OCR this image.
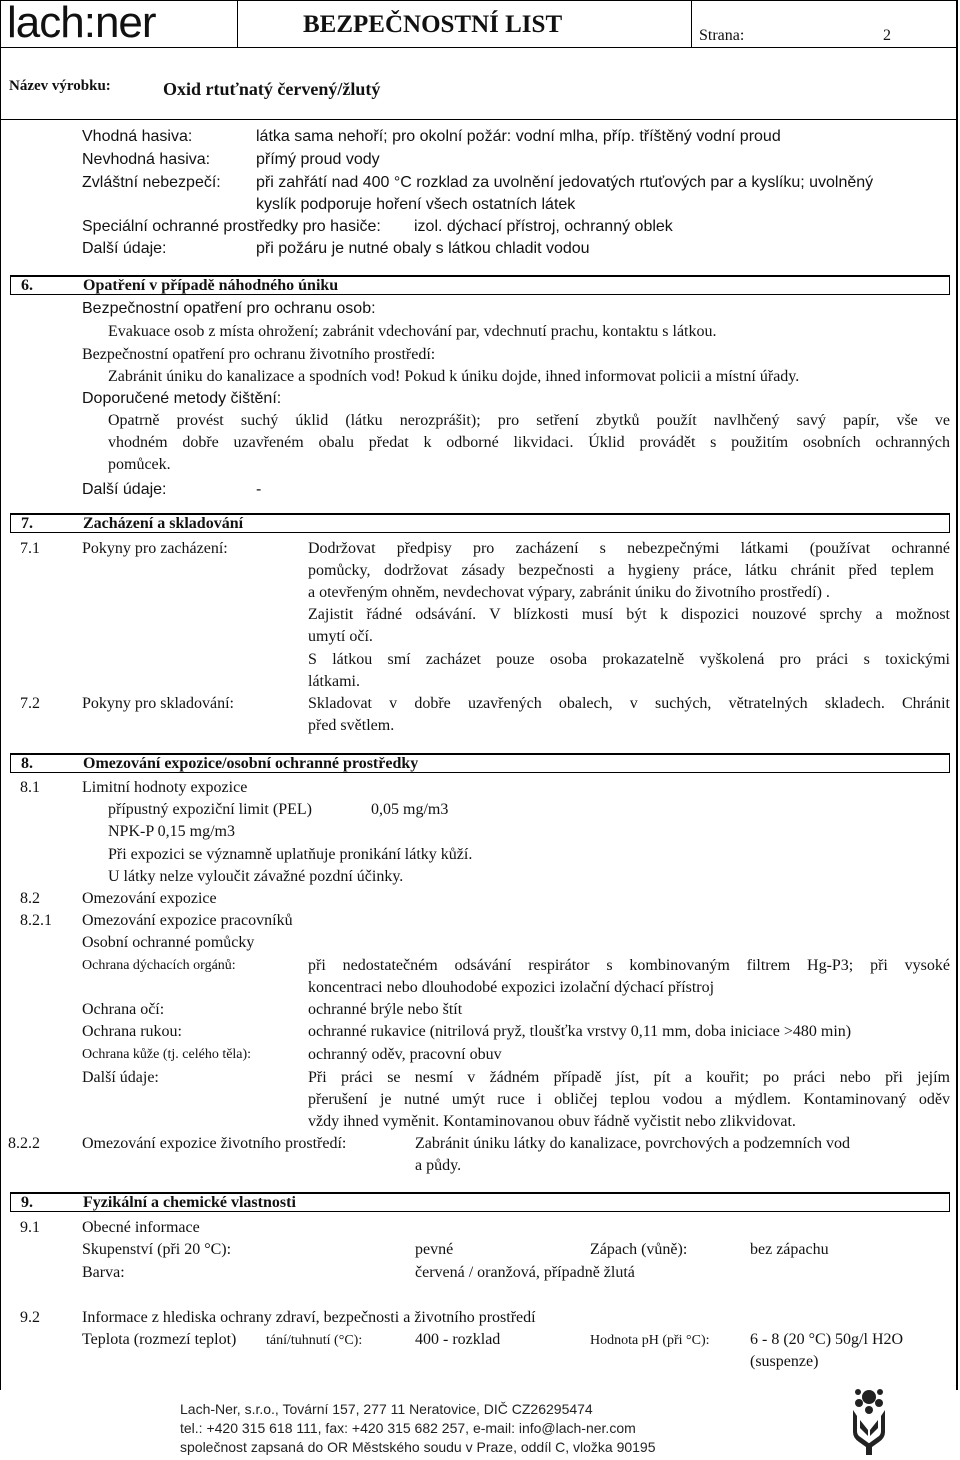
lach:ner	BEZPEČNOSTNÍ LIST	Strana:	2
Název výrobku:	Oxid rtuťnatý červený/žlutý
Vhodná hasiva:	látka sama nehoří; pro okolní požár: vodní mlha, příp. tříštěný vodní proud
Nevhodná hasiva:	přímý proud vody
Zvláštní nebezpečí: při zahřátí nad 400 °C rozklad za uvolnění jedovatých rtuťových par a kyslíku; uvolněný
kyslík podporuje hoření všech ostatních látek
Speciální ochranné prostředky pro hasiče: izol. dýchací přístroj, ochranný oblek
Další údaje:	při požáru je nutné obaly s látkou chladit vodou
6.	Opatření v případě náhodného úniku
Bezpečnostní opatření pro ochranu osob:
Evakuace osob z místa ohrožení; zabránit vdechování par, vdechnutí prachu, kontaktu s látkou.
Bezpečnostní opatření pro ochranu životního prostředí:
Zabránit úniku do kanalizace a spodních vod! Pokud k úniku dojde, ihned informovat policii a místní úřady.
Doporučené metody čištění:
Opatrně provést suchý úklid (látku nerozprášit); pro setření zbytků použít navlhčený savý papír, vše ve
vhodném dobře uzavřeném obalu předat k odborné likvidaci. Úklid provádět s použitím osobních ochranných
pomůcek.
Další údaje:	-
7.	Zacházení a skladování
7.1	Pokyny pro zacházení:	Dodržovat předpisy pro zacházení s nebezpečnými látkami (používat ochranné
pomůcky, dodržovat zásady bezpečnosti a hygieny práce, látku chránit před teplem
a otevřeným ohněm, nevdechovat výpary, zabránit úniku do životního prostředí) .
Zajistit řádné odsávání. V blízkosti musí být k dispozici nouzové sprchy a možnost
umytí očí.
S látkou smí zacházet pouze osoba prokazatelně vyškolená pro práci s toxickými
látkami.
7.2	Pokyny pro skladování:	Skladovat v dobře uzavřených obalech, v suchých, větratelných skladech. Chránit
před světlem.
8.	Omezování expozice/osobní ochranné prostředky
8.1	Limitní hodnoty expozice
přípustný expoziční limit (PEL)	0,05 mg/m3
NPK-P 0,15 mg/m3
Při expozici se významně uplatňuje pronikání látky kůží.
U látky nelze vyloučit závažné pozdní účinky.
8.2	Omezování expozice
8.2.1 Omezování expozice pracovníků
Osobní ochranné pomůcky
Ochrana dýchacích orgánů:	při nedostatečném odsávání respirátor s kombinovaným filtrem Hg-P3; při vysoké
koncentraci nebo dlouhodobé expozici izolační dýchací přístroj
Ochrana očí:	ochranné brýle nebo štít
Ochrana rukou:	ochranné rukavice (nitrilová pryž, tloušťka vrstvy 0,11 mm, doba iniciace >480 min)
Ochrana kůže (tj. celého těla):	ochranný oděv, pracovní obuv
Další údaje:	Při práci se nesmí v žádném případě jíst, pít a kouřit; po práci nebo při jejím
přerušení je nutné umýt ruce i obličej teplou vodou a mýdlem. Kontaminovaný oděv
vždy ihned vyměnit. Kontaminovanou obuv řádně vyčistit nebo zlikvidovat.
8.2.2	Omezování expozice životního prostředí:	Zabránit úniku látky do kanalizace, povrchových a podzemních vod
a půdy.
9.	Fyzikální a chemické vlastnosti
9.1	Obecné informace
Skupenství (při 20 °C):	pevné	Zápach (vůně):	bez zápachu
Barva:	červená / oranžová, případně žlutá
9.2	Informace z hlediska ochrany zdraví, bezpečnosti a životního prostředí
Teplota (rozmezí teplot) tání/tuhnutí (°C):	400 - rozklad	Hodnota pH (při °C):	6 - 8 (20 °C) 50g/l H2O
(suspenze)
Lach-Ner, s.r.o., Tovární 157, 277 11 Neratovice, DIČ CZ26295474
tel.: +420 315 618 111, fax: +420 315 682 257, e-mail: info@lach-ner.com
společnost zapsaná do OR Městského soudu v Praze, oddíl C, vložka 90195
